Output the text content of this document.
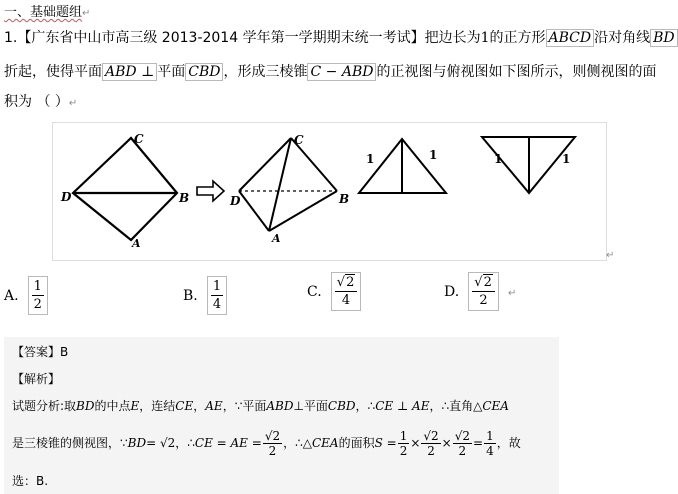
一、基础题组↵
1.【广东省中山市高三级 2013-2014 学年第一学期期末统一考试】把边长为1的正方形 ABCD 沿对角线 BD
折起，使得平面 ABD ⊥ 平面 CBD ，形成三棱锥 C − ABD 的正视图与俯视图如下图所示，则侧视图的面
积为 （ ）↵
C
D	B
A
C
D	B
A
1	1	1	1
↵
A. $\frac{1}{2}$	B. $\frac{1}{4}$	C. $\frac{√2}{4}$	D. $\frac{√2}{2}$ ↵
【答案】B
【解析】
试题分析:取BD的中点E，连结CE，AE，∵平面ABD⊥平面CBD，∴CE ⊥ AE，∴直角△CEA
是三棱锥的侧视图，∵BD= √2，∴CE = AE = $\frac{√2}{2}$ ，∴△CEA的面积$S = \frac{1}{2} \times \frac{√2}{2} \times \frac{√2}{2} = \frac{1}{4}$ ，故
选：B.
